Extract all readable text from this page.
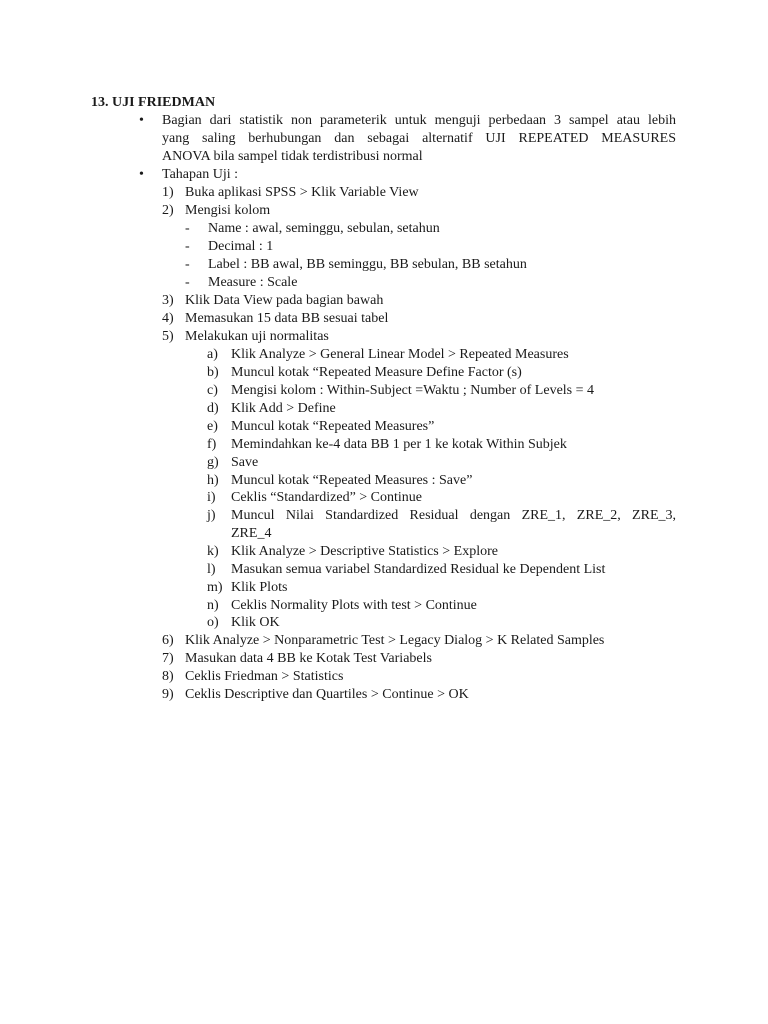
13. UJI FRIEDMAN
• Bagian dari statistik non parameterik untuk menguji perbedaan 3 sampel atau lebih
yang saling berhubungan dan sebagai alternatif UJI REPEATED MEASURES
ANOVA bila sampel tidak terdistribusi normal
• Tahapan Uji :
1) Buka aplikasi SPSS > Klik Variable View
2) Mengisi kolom
- Name : awal, seminggu, sebulan, setahun
- Decimal : 1
- Label : BB awal, BB seminggu, BB sebulan, BB setahun
- Measure : Scale
3) Klik Data View pada bagian bawah
4) Memasukan 15 data BB sesuai tabel
5) Melakukan uji normalitas
a) Klik Analyze > General Linear Model > Repeated Measures
b) Muncul kotak “Repeated Measure Define Factor (s)
c) Mengisi kolom : Within-Subject =Waktu ; Number of Levels = 4
d) Klik Add > Define
e) Muncul kotak “Repeated Measures”
f) Memindahkan ke-4 data BB 1 per 1 ke kotak Within Subjek
g) Save
h) Muncul kotak “Repeated Measures : Save”
i) Ceklis “Standardized” > Continue
j) Muncul Nilai Standardized Residual dengan ZRE_1, ZRE_2, ZRE_3,
ZRE_4
k) Klik Analyze > Descriptive Statistics > Explore
l) Masukan semua variabel Standardized Residual ke Dependent List
m) Klik Plots
n) Ceklis Normality Plots with test > Continue
o) Klik OK
6) Klik Analyze > Nonparametric Test > Legacy Dialog > K Related Samples
7) Masukan data 4 BB ke Kotak Test Variabels
8) Ceklis Friedman > Statistics
9) Ceklis Descriptive dan Quartiles > Continue > OK
